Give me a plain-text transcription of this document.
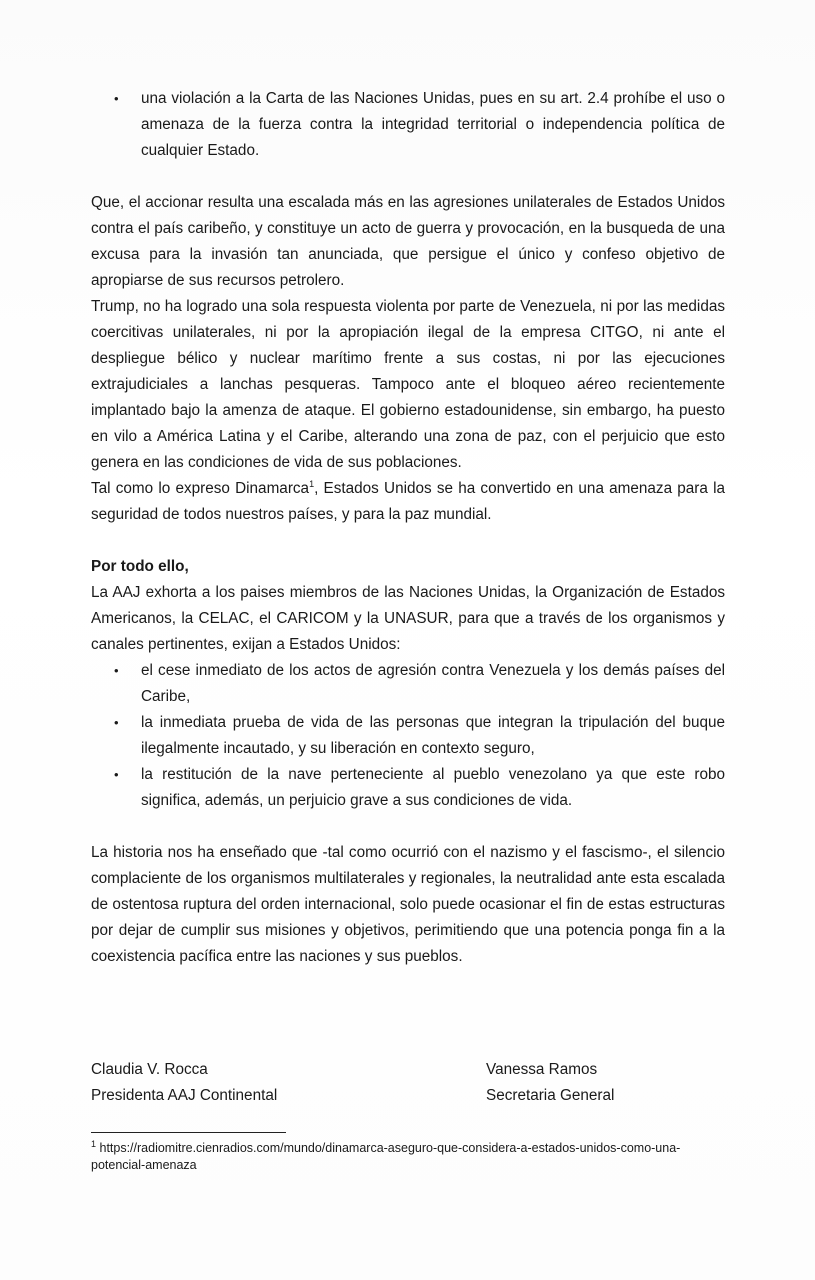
• una violación a la Carta de las Naciones Unidas, pues en su art. 2.4 prohíbe el uso o amenaza de la fuerza contra la integridad territorial o independencia política de cualquier Estado.

Que, el accionar resulta una escalada más en las agresiones unilaterales de Estados Unidos contra el país caribeño, y constituye un acto de guerra y provocación, en la busqueda de una excusa para la invasión tan anunciada, que persigue el único y confeso objetivo de apropiarse de sus recursos petrolero.

Trump, no ha logrado una sola respuesta violenta por parte de Venezuela, ni por las medidas coercitivas unilaterales, ni por la apropiación ilegal de la empresa CITGO, ni ante el despliegue bélico y nuclear marítimo frente a sus costas, ni por las ejecuciones extrajudiciales a lanchas pesqueras. Tampoco ante el bloqueo aéreo recientemente implantado bajo la amenza de ataque. El gobierno estadounidense, sin embargo, ha puesto en vilo a América Latina y el Caribe, alterando una zona de paz, con el perjuicio que esto genera en las condiciones de vida de sus poblaciones.

Tal como lo expreso Dinamarca$^1$, Estados Unidos se ha convertido en una amenaza para la seguridad de todos nuestros países, y para la paz mundial.

Por todo ello,

La AAJ exhorta a los paises miembros de las Naciones Unidas, la Organización de Estados Americanos, la CELAC, el CARICOM y la UNASUR, para que a través de los organismos y canales pertinentes, exijan a Estados Unidos:

• el cese inmediato de los actos de agresión contra Venezuela y los demás países del Caribe,
• la inmediata prueba de vida de las personas que integran la tripulación del buque ilegalmente incautado, y su liberación en contexto seguro,
• la restitución de la nave perteneciente al pueblo venezolano ya que este robo significa, además, un perjuicio grave a sus condiciones de vida.

La historia nos ha enseñado que -tal como ocurrió con el nazismo y el fascismo-, el silencio complaciente de los organismos multilaterales y regionales, la neutralidad ante esta escalada de ostentosa ruptura del orden internacional, solo puede ocasionar el fin de estas estructuras por dejar de cumplir sus misiones y objetivos, perimitiendo que una potencia ponga fin a la coexistencia pacífica entre las naciones y sus pueblos.

Claudia V. Rocca
Presidenta AAJ Continental
Vanessa Ramos
Secretaria General
$^1$ https://radiomitre.cienradios.com/mundo/dinamarca-aseguro-que-considera-a-estados-unidos-como-una-potencial-amenaza
